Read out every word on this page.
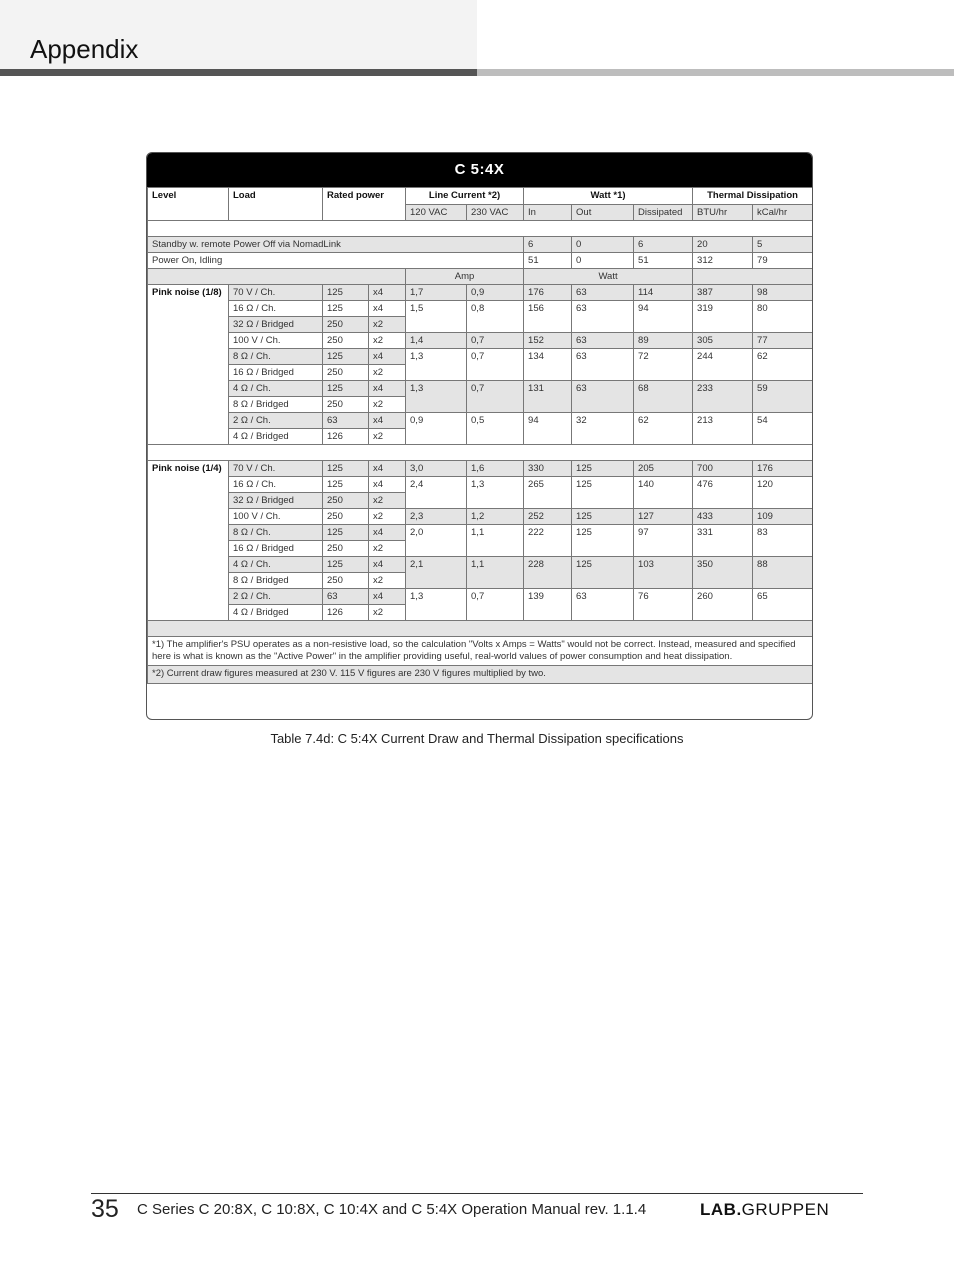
Appendix
C 5:4X
Level	Load	Rated power		Line Current *2)		Watt *1)			Thermal Dissipation	
				120 VAC	230 VAC	In	Out	Dissipated	BTU/hr	kCal/hr

Standby w. remote Power Off via NomadLink						6	0	6	20	5
Power On, Idling						51	0	51	312	79
				Amp		Watt				
Pink noise (1/8)	70 V / Ch.	125	x4	1,7	0,9	176	63	114	387	98
	16 Ω / Ch.	125	x4	1,5	0,8	156	63	94	319	80
	32 Ω / Bridged	250	x2							
	100 V / Ch.	250	x2	1,4	0,7	152	63	89	305	77
	8 Ω / Ch.	125	x4	1,3	0,7	134	63	72	244	62
	16 Ω / Bridged	250	x2							
	4 Ω / Ch.	125	x4	1,3	0,7	131	63	68	233	59
	8 Ω / Bridged	250	x2							
	2 Ω / Ch.	63	x4	0,9	0,5	94	32	62	213	54
	4 Ω / Bridged	126	x2							

Pink noise (1/4)	70 V / Ch.	125	x4	3,0	1,6	330	125	205	700	176
	16 Ω / Ch.	125	x4	2,4	1,3	265	125	140	476	120
	32 Ω / Bridged	250	x2							
	100 V / Ch.	250	x2	2,3	1,2	252	125	127	433	109
	8 Ω / Ch.	125	x4	2,0	1,1	222	125	97	331	83
	16 Ω / Bridged	250	x2							
	4 Ω / Ch.	125	x4	2,1	1,1	228	125	103	350	88
	8 Ω / Bridged	250	x2							
	2 Ω / Ch.	63	x4	1,3	0,7	139	63	76	260	65
	4 Ω / Bridged	126	x2							

*1) The amplifier's PSU operates as a non-resistive load, so the calculation "Volts x Amps = Watts" would not be correct. Instead, measured and specified here is what is known as the "Active Power" in the amplifier providing useful, real-world values of power consumption and heat dissipation.										
*2) Current draw figures measured at 230 V. 115 V figures are 230 V figures multiplied by two.										
Table 7.4d: C 5:4X Current Draw and Thermal Dissipation specifications
35 C Series C 20:8X, C 10:8X, C 10:4X and C 5:4X Operation Manual rev. 1.1.4	LAB.GRUPPEN
